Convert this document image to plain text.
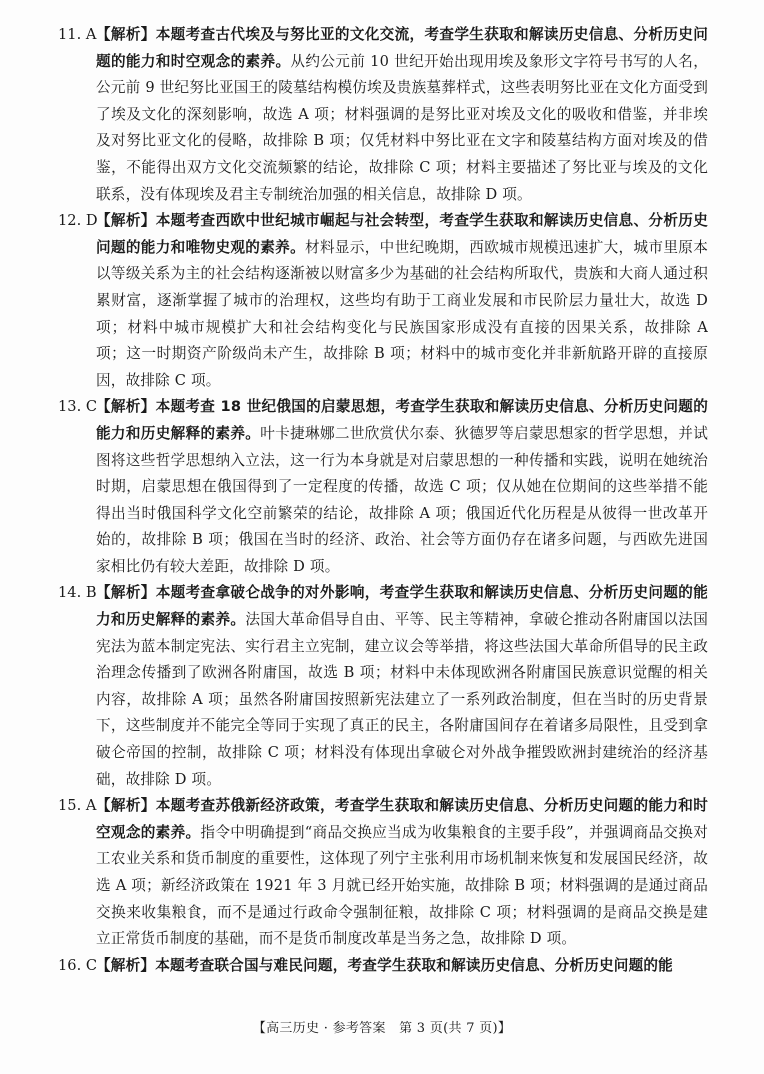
11. A 【解析】本题考查古代埃及与努比亚的文化交流，考查学生获取和解读历史信息、分析历史问题的能力和时空观念的素养。从约公元前 10 世纪开始出现用埃及象形文字符号书写的人名，公元前 9 世纪努比亚国王的陵墓结构模仿埃及贵族墓葬样式，这些表明努比亚在文化方面受到了埃及文化的深刻影响，故选 A 项；材料强调的是努比亚对埃及文化的吸收和借鉴，并非埃及对努比亚文化的侵略，故排除 B 项；仅凭材料中努比亚在文字和陵墓结构方面对埃及的借鉴，不能得出双方文化交流频繁的结论，故排除 C 项；材料主要描述了努比亚与埃及的文化联系，没有体现埃及君主专制统治加强的相关信息，故排除 D 项。

12. D

【解析】本题考查西欧中世纪城市崛起与社会转型，考查学生获取和解读历史信息、分析历史问题的能力和唯物史观的素养。材料显示，中世纪晚期，西欧城市规模迅速扩大，城市里原本以等级关系为主的社会结构逐渐被以财富多少为基础的社会结构所取代，贵族和大商人通过积累财富，逐渐掌握了城市的治理权，这些均有助于工商业发展和市民阶层力量壮大，故选 D 项；材料中城市规模扩大和社会结构变化与民族国家形成没有直接的因果关系，故排除 A 项；这一时期资产阶级尚未产生，故排除 B 项；材料中的城市变化并非新航路开辟的直接原因，故排除 C 项。

13. C

【解析】本题考查 18 世纪俄国的启蒙思想，考查学生获取和解读历史信息、分析历史问题的能力和历史解释的素养。叶卡捷琳娜二世欣赏伏尔泰、狄德罗等启蒙思想家的哲学思想，并试图将这些哲学思想纳入立法，这一行为本身就是对启蒙思想的一种传播和实践，说明在她统治时期，启蒙思想在俄国得到了一定程度的传播，故选 C 项；仅从她在位期间的这些举措不能得出当时俄国科学文化空前繁荣的结论，故排除 A 项；俄国近代化历程是从彼得一世改革开始的，故排除 B 项；俄国在当时的经济、政治、社会等方面仍存在诸多问题，与西欧先进国家相比仍有较大差距，故排除 D 项。

14. B 【解析】本题考查拿破仑战争的对外影响，考查学生获取和解读历史信息、分析历史问题的能力和历史解释的素养。法国大革命倡导自由、平等、民主等精神，拿破仑推动各附庸国以法国宪法为蓝本制定宪法、实行君主立宪制，建立议会等举措，将这些法国大革命所倡导的民主政治理念传播到了欧洲各附庸国，故选 B 项；材料中未体现欧洲各附庸国民族意识觉醒的相关内容，故排除 A 项；虽然各附庸国按照新宪法建立了一系列政治制度，但在当时的历史背景下，这些制度并不能完全等同于实现了真正的民主，各附庸国间存在着诸多局限性，且受到拿破仑帝国的控制，故排除 C 项；材料没有体现出拿破仑对外战争摧毁欧洲封建统治的经济基础，故排除 D 项。

15. A 【解析】本题考查苏俄新经济政策，考查学生获取和解读历史信息、分析历史问题的能力和时空观念的素养。指令中明确提到“商品交换应当成为收集粮食的主要手段”，并强调商品交换对工农业关系和货币制度的重要性，这体现了列宁主张利用市场机制来恢复和发展国民经济，故选 A 项；新经济政策在 1921 年 3 月就已经开始实施，故排除 B 项；材料强调的是通过商品交换来收集粮食，而不是通过行政命令强制征粮，故排除 C 项；材料强调的是商品交换是建立正常货币制度的基础，而不是货币制度改革是当务之急，故排除 D 项。

16. C

【解析】本题考查联合国与难民问题，考查学生获取和解读历史信息、分析历史问题的能

【高三历史 · 参考答案　第 3 页(共 7 页)】
